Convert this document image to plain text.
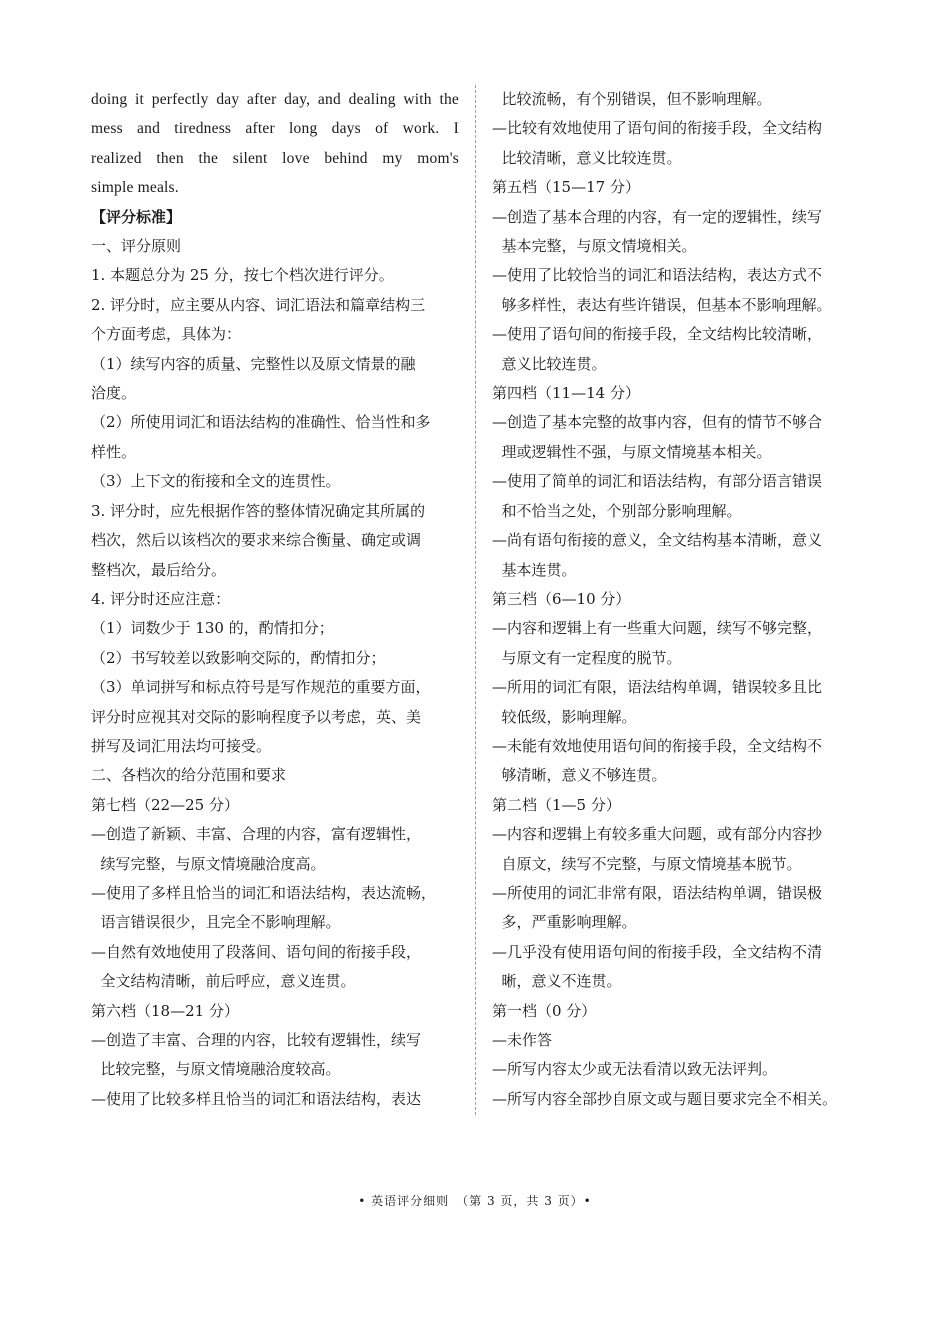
doing it perfectly day after day, and dealing with the

mess and tiredness after long days of work. I

realized then the silent love behind my mom's

simple meals.

【评分标准】

一、评分原则

1. 本题总分为 25 分，按七个档次进行评分。

2. 评分时，应主要从内容、词汇语法和篇章结构三

个方面考虑，具体为：

（1）续写内容的质量、完整性以及原文情景的融

洽度。

（2）所使用词汇和语法结构的准确性、恰当性和多

样性。

（3）上下文的衔接和全文的连贯性。

3. 评分时，应先根据作答的整体情况确定其所属的

档次，然后以该档次的要求来综合衡量、确定或调

整档次，最后给分。

4. 评分时还应注意：

（1）词数少于 130 的，酌情扣分；

（2）书写较差以致影响交际的，酌情扣分；

（3）单词拼写和标点符号是写作规范的重要方面，

评分时应视其对交际的影响程度予以考虑，英、美

拼写及词汇用法均可接受。

二、各档次的给分范围和要求

第七档（22—25 分）

—创造了新颖、丰富、合理的内容，富有逻辑性，

续写完整，与原文情境融洽度高。

—使用了多样且恰当的词汇和语法结构，表达流畅，

语言错误很少，且完全不影响理解。

—自然有效地使用了段落间、语句间的衔接手段，

全文结构清晰，前后呼应，意义连贯。

第六档（18—21 分）

—创造了丰富、合理的内容，比较有逻辑性，续写

比较完整，与原文情境融洽度较高。

—使用了比较多样且恰当的词汇和语法结构，表达

比较流畅，有个别错误，但不影响理解。

—比较有效地使用了语句间的衔接手段，全文结构

比较清晰，意义比较连贯。

第五档（15—17 分）

—创造了基本合理的内容，有一定的逻辑性，续写

基本完整，与原文情境相关。

—使用了比较恰当的词汇和语法结构，表达方式不

够多样性，表达有些许错误，但基本不影响理解。

—使用了语句间的衔接手段，全文结构比较清晰，

意义比较连贯。

第四档（11—14 分）

—创造了基本完整的故事内容，但有的情节不够合

理或逻辑性不强，与原文情境基本相关。

—使用了简单的词汇和语法结构，有部分语言错误

和不恰当之处，个别部分影响理解。

—尚有语句衔接的意义，全文结构基本清晰，意义

基本连贯。

第三档（6—10 分）

—内容和逻辑上有一些重大问题，续写不够完整，

与原文有一定程度的脱节。

—所用的词汇有限，语法结构单调，错误较多且比

较低级，影响理解。

—未能有效地使用语句间的衔接手段，全文结构不

够清晰，意义不够连贯。

第二档（1—5 分）

—内容和逻辑上有较多重大问题，或有部分内容抄

自原文，续写不完整，与原文情境基本脱节。

—所使用的词汇非常有限，语法结构单调，错误极

多，严重影响理解。

—几乎没有使用语句间的衔接手段，全文结构不清

晰，意义不连贯。

第一档（0 分）

—未作答

—所写内容太少或无法看清以致无法评判。

—所写内容全部抄自原文或与题目要求完全不相关。

• 英语评分细则　（第 3 页，共 3 页）•
